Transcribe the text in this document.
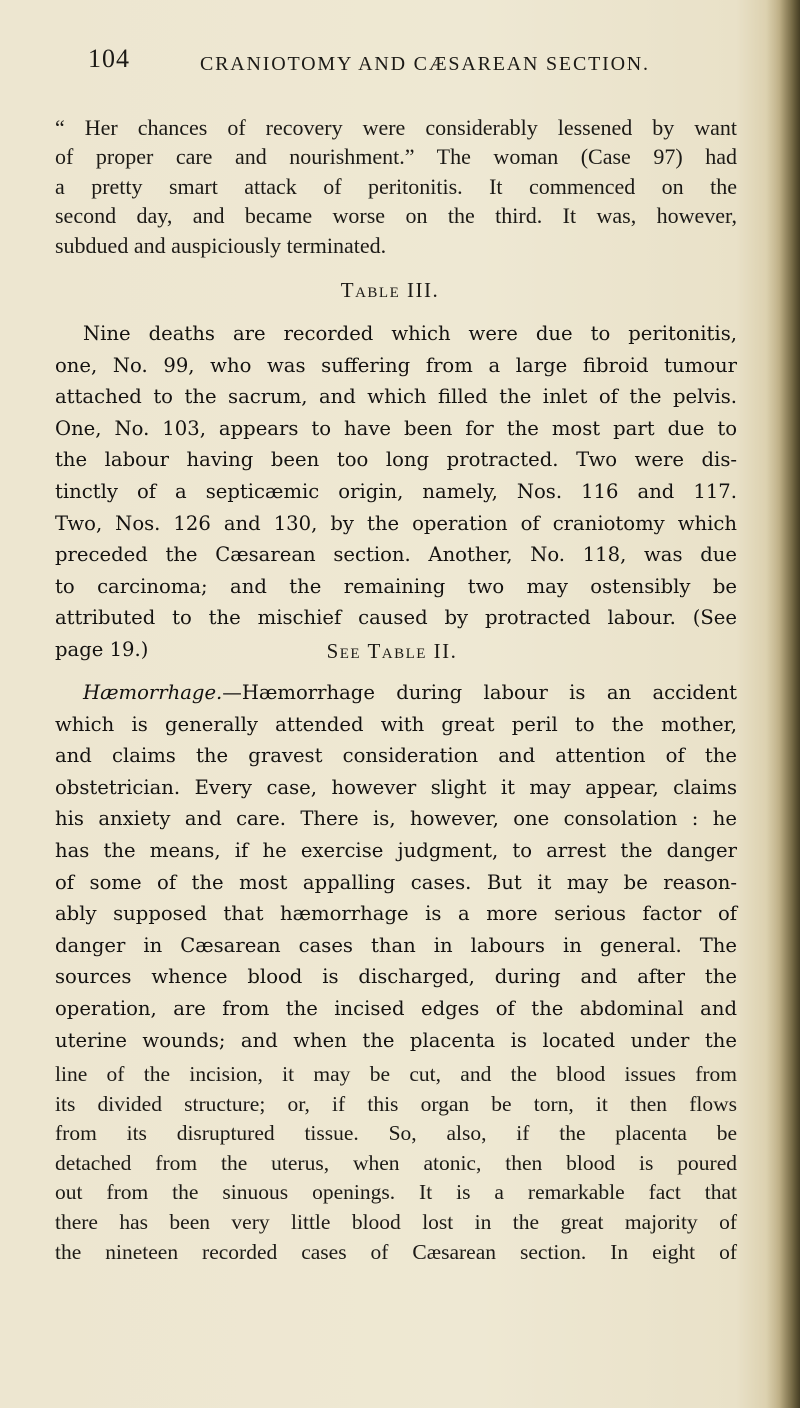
104	CRANIOTOMY AND CÆSAREAN SECTION.

“ Her chances of recovery were considerably lessened by want
of proper care and nourishment.” The woman (Case 97) had
a pretty smart attack of peritonitis. It commenced on the
second day, and became worse on the third. It was, however,
subdued and auspiciously terminated.

Table III.

Nine deaths are recorded which were due to peritonitis,
one, No. 99, who was suffering from a large fibroid tumour
attached to the sacrum, and which filled the inlet of the pelvis.
One, No. 103, appears to have been for the most part due to
the labour having been too long protracted. Two were dis-
tinctly of a septicæmic origin, namely, Nos. 116 and 117.
Two, Nos. 126 and 130, by the operation of craniotomy which
preceded the Cæsarean section. Another, No. 118, was due
to carcinoma; and the remaining two may ostensibly be
attributed to the mischief caused by protracted labour. (See
page 19.)	See Table II.

Hæmorrhage.—Hæmorrhage during labour is an accident
which is generally attended with great peril to the mother,
and claims the gravest consideration and attention of the
obstetrician. Every case, however slight it may appear, claims
his anxiety and care. There is, however, one consolation : he
has the means, if he exercise judgment, to arrest the danger
of some of the most appalling cases. But it may be reason-
ably supposed that hæmorrhage is a more serious factor of
danger in Cæsarean cases than in labours in general. The
sources whence blood is discharged, during and after the
operation, are from the incised edges of the abdominal and
uterine wounds; and when the placenta is located under the

line of the incision, it may be cut, and the blood issues from
its divided structure; or, if this organ be torn, it then flows
from its disruptured tissue. So, also, if the placenta be
detached from the uterus, when atonic, then blood is poured
out from the sinuous openings. It is a remarkable fact that
there has been very little blood lost in the great majority of
the nineteen recorded cases of Cæsarean section. In eight of
